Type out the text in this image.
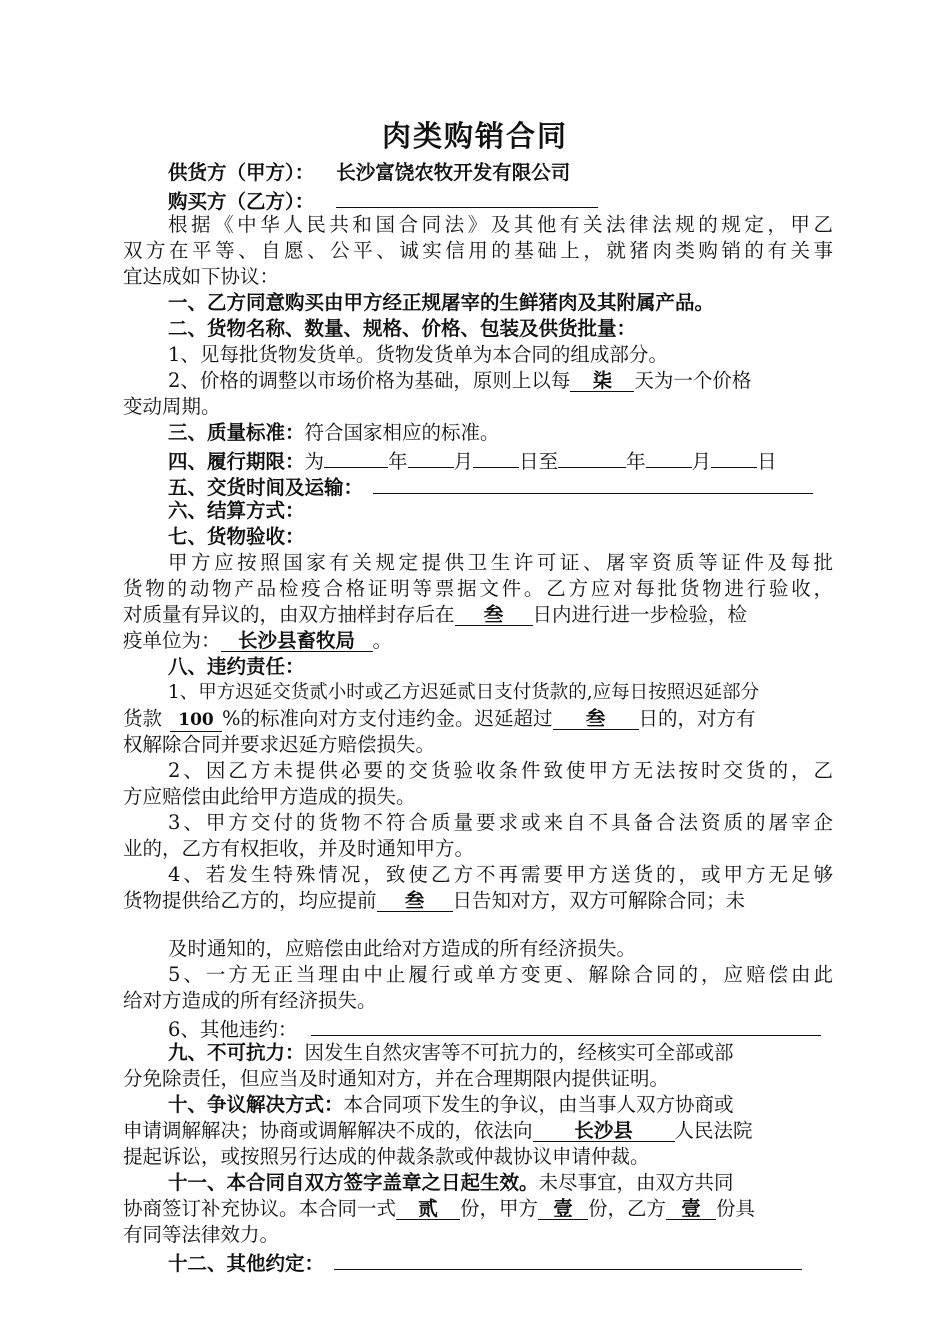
肉类购销合同
供货方（甲方）： 长沙富饶农牧开发有限公司
购买方（乙方）：
根据《中华人民共和国合同法》及其他有关法律法规的规定，甲乙
双方在平等、自愿、公平、诚实信用的基础上，就猪肉类购销的有关事
宜达成如下协议：
一、乙方同意购买由甲方经正规屠宰的生鲜猪肉及其附属产品。
二、货物名称、数量、规格、价格、包装及供货批量：
1、见每批货物发货单。货物发货单为本合同的组成部分。
2、价格的调整以市场价格为基础，原则上以每 柒 天为一个价格
变动周期。
三、质量标准：符合国家相应的标准。
四、履行期限：为	年 月 日至	年 月 日
五、交货时间及运输：
六、结算方式：
七、货物验收：
甲方应按照国家有关规定提供卫生许可证、屠宰资质等证件及每批
货物的动物产品检疫合格证明等票据文件。乙方应对每批货物进行验收，
对质量有异议的，由双方抽样封存后在 叁 日内进行进一步检验，检
疫单位为： 长沙县畜牧局 。
八、违约责任：
1、甲方迟延交货贰小时或乙方迟延贰日支付货款的,应每日按照迟延部分
货款 100 %的标准向对方支付违约金。迟延超过 叁 日的，对方有
权解除合同并要求迟延方赔偿损失。
2、因乙方未提供必要的交货验收条件致使甲方无法按时交货的，乙
方应赔偿由此给甲方造成的损失。
3、甲方交付的货物不符合质量要求或来自不具备合法资质的屠宰企
业的，乙方有权拒收，并及时通知甲方。
4、若发生特殊情况，致使乙方不再需要甲方送货的，或甲方无足够
货物提供给乙方的，均应提前 叁 日告知对方，双方可解除合同；未
及时通知的，应赔偿由此给对方造成的所有经济损失。
5、一方无正当理由中止履行或单方变更、解除合同的，应赔偿由此
给对方造成的所有经济损失。
6、其他违约：
九、不可抗力：因发生自然灾害等不可抗力的，经核实可全部或部
分免除责任，但应当及时通知对方，并在合理期限内提供证明。
十、争议解决方式：本合同项下发生的争议，由当事人双方协商或
申请调解解决；协商或调解解决不成的，依法向 长沙县 人民法院
提起诉讼，或按照另行达成的仲裁条款或仲裁协议申请仲裁。
十一、本合同自双方签字盖章之日起生效。未尽事宜，由双方共同
协商签订补充协议。本合同一式 贰 份，甲方 壹 份，乙方 壹 份具
有同等法律效力。
十二、其他约定：
